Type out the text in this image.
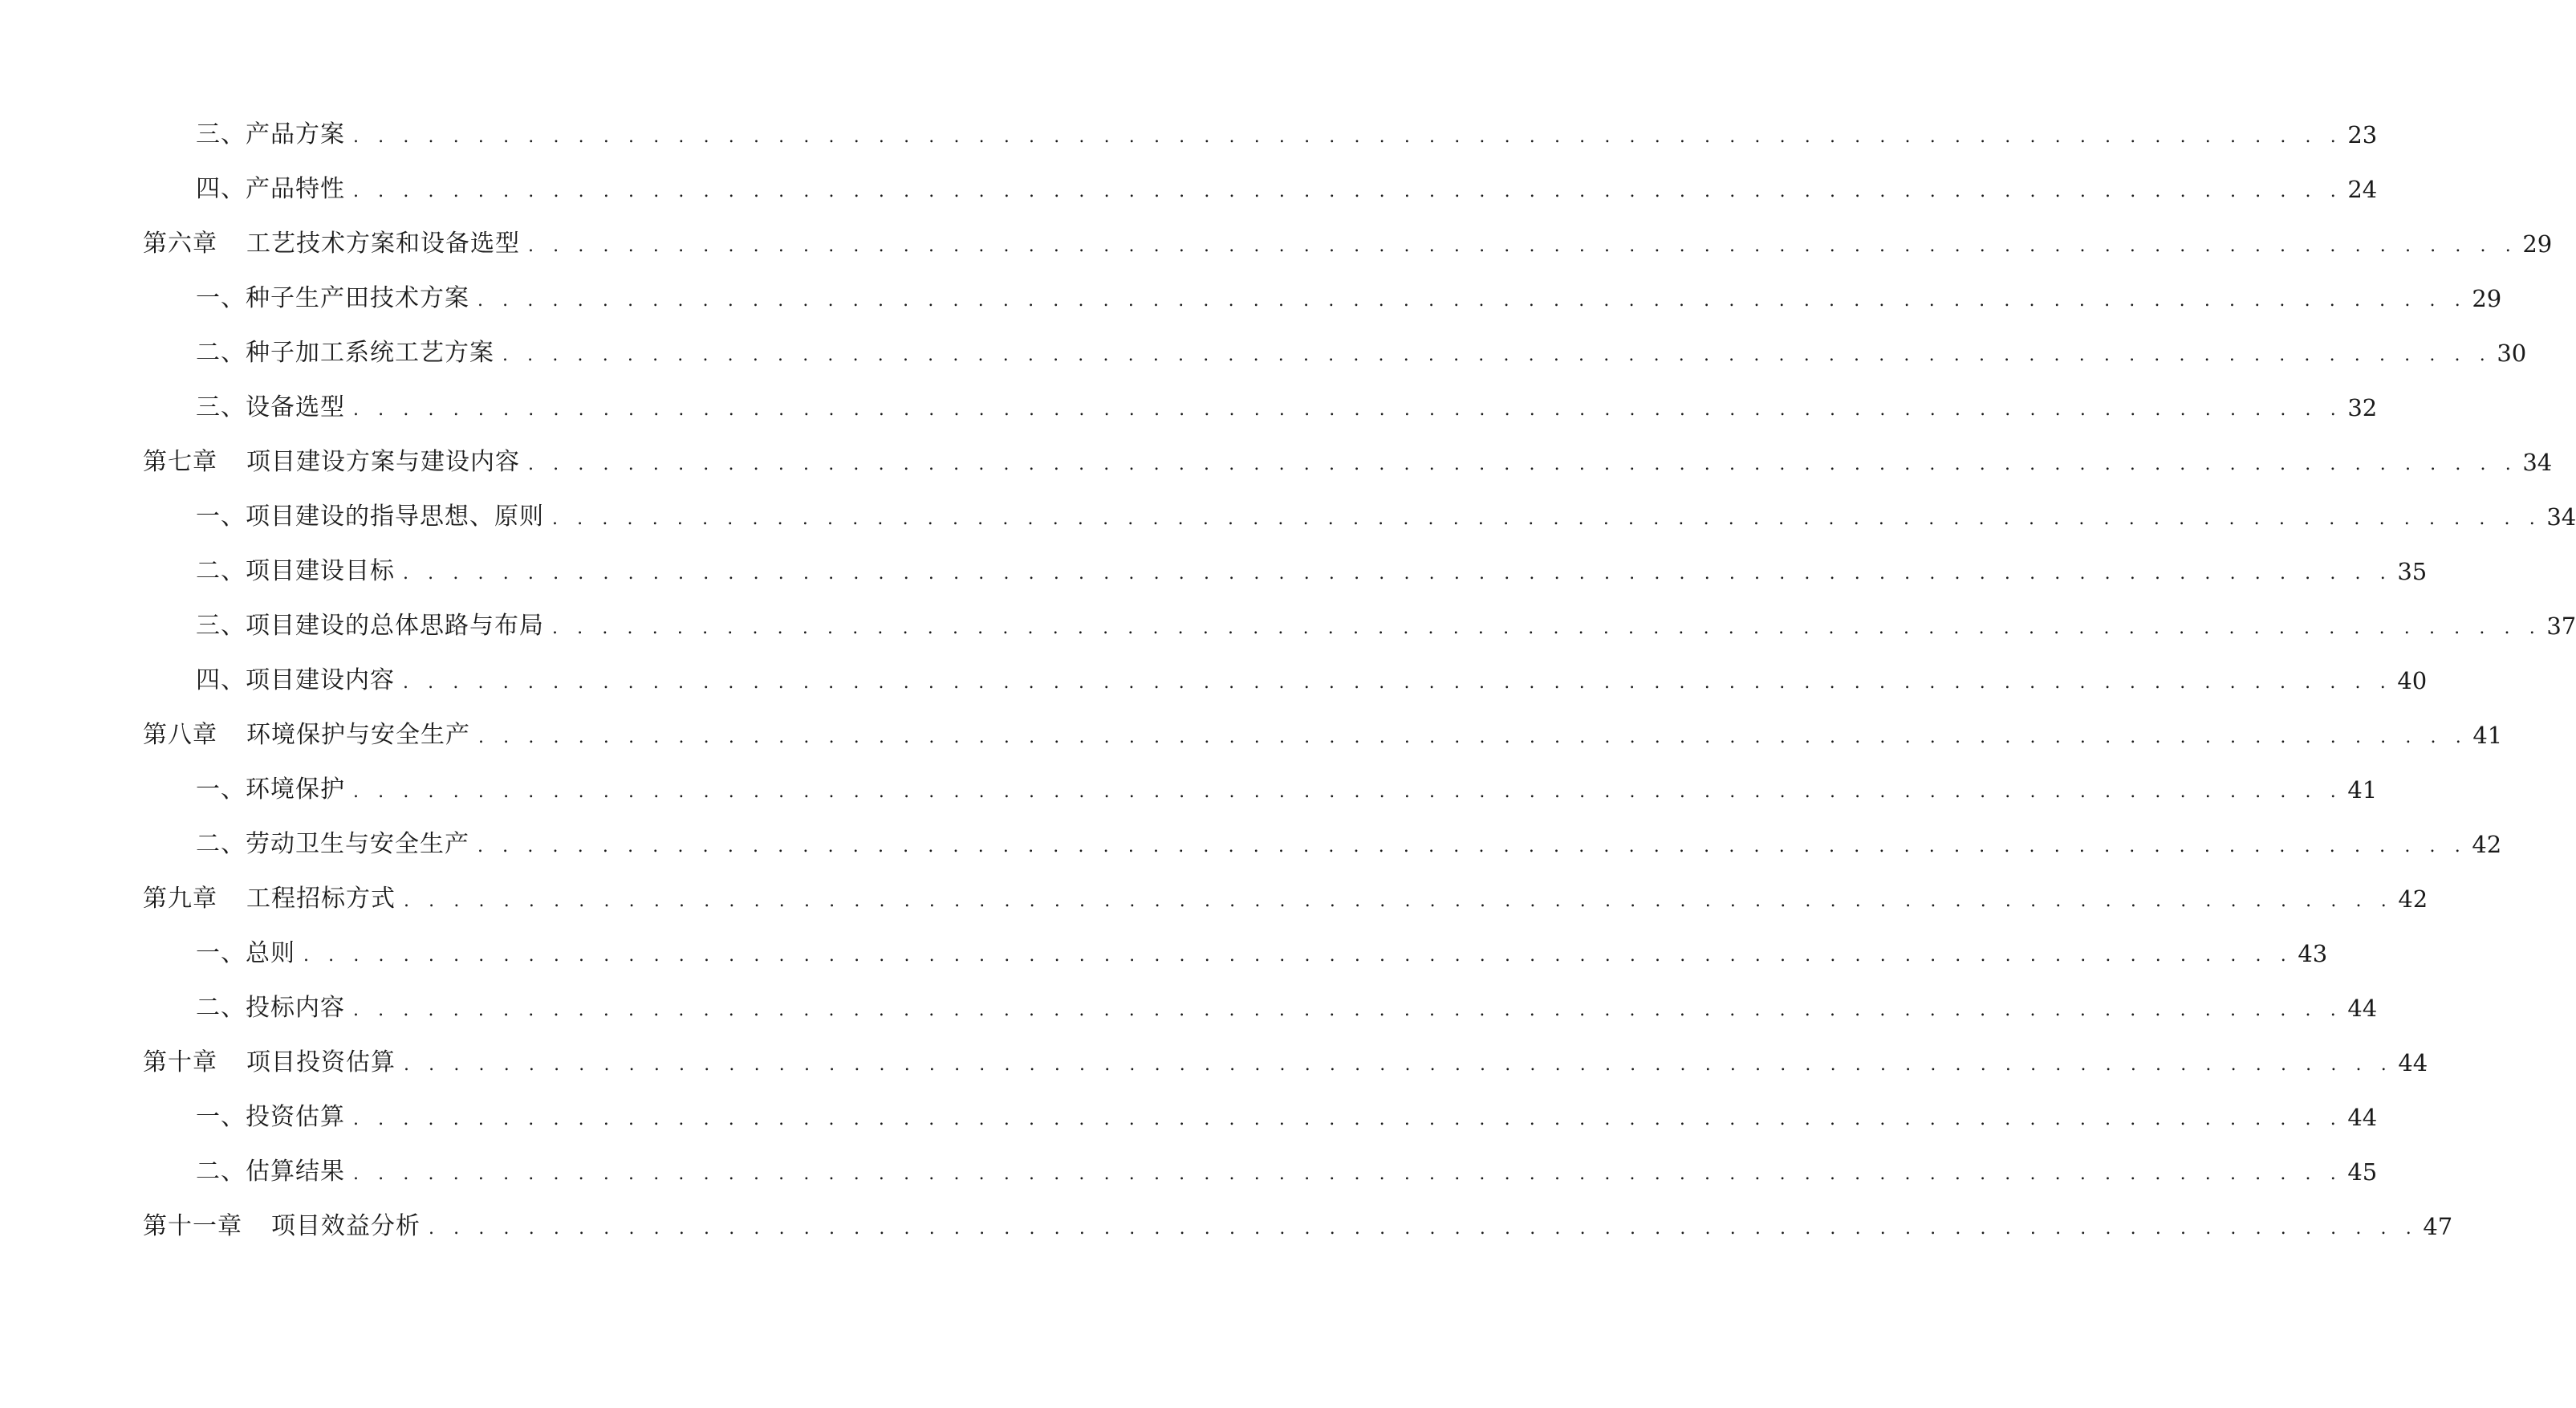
三、产品方案 . . . . . . . . . . . . . . . . . . . . . . . . . . . . . . . . . . . . . . . . . . . . . . . . . . . . . . . . . . . . . . . . . . . . . . . . . . . . . . . . 23
四、产品特性 . . . . . . . . . . . . . . . . . . . . . . . . . . . . . . . . . . . . . . . . . . . . . . . . . . . . . . . . . . . . . . . . . . . . . . . . . . . . . . . . 24
第六章 工艺技术方案和设备选型 . . . . . . . . . . . . . . . . . . . . . . . . . . . . . . . . . . . . . . . . . . . . . . . . . . . . . . . . . . . . . . . . . . . . . . . . . . . . . . . . 29
一、种子生产田技术方案 . . . . . . . . . . . . . . . . . . . . . . . . . . . . . . . . . . . . . . . . . . . . . . . . . . . . . . . . . . . . . . . . . . . . . . . . . . . . . . . . 29
二、种子加工系统工艺方案 . . . . . . . . . . . . . . . . . . . . . . . . . . . . . . . . . . . . . . . . . . . . . . . . . . . . . . . . . . . . . . . . . . . . . . . . . . . . . . . . 30
三、设备选型 . . . . . . . . . . . . . . . . . . . . . . . . . . . . . . . . . . . . . . . . . . . . . . . . . . . . . . . . . . . . . . . . . . . . . . . . . . . . . . . . 32
第七章 项目建设方案与建设内容 . . . . . . . . . . . . . . . . . . . . . . . . . . . . . . . . . . . . . . . . . . . . . . . . . . . . . . . . . . . . . . . . . . . . . . . . . . . . . . . . 34
一、项目建设的指导思想、原则 . . . . . . . . . . . . . . . . . . . . . . . . . . . . . . . . . . . . . . . . . . . . . . . . . . . . . . . . . . . . . . . . . . . . . . . . . . . . . . . . 34
二、项目建设目标 . . . . . . . . . . . . . . . . . . . . . . . . . . . . . . . . . . . . . . . . . . . . . . . . . . . . . . . . . . . . . . . . . . . . . . . . . . . . . . . . 35
三、项目建设的总体思路与布局 . . . . . . . . . . . . . . . . . . . . . . . . . . . . . . . . . . . . . . . . . . . . . . . . . . . . . . . . . . . . . . . . . . . . . . . . . . . . . . . . 37
四、项目建设内容 . . . . . . . . . . . . . . . . . . . . . . . . . . . . . . . . . . . . . . . . . . . . . . . . . . . . . . . . . . . . . . . . . . . . . . . . . . . . . . . . 40
第八章 环境保护与安全生产 . . . . . . . . . . . . . . . . . . . . . . . . . . . . . . . . . . . . . . . . . . . . . . . . . . . . . . . . . . . . . . . . . . . . . . . . . . . . . . . . 41
一、环境保护 . . . . . . . . . . . . . . . . . . . . . . . . . . . . . . . . . . . . . . . . . . . . . . . . . . . . . . . . . . . . . . . . . . . . . . . . . . . . . . . . 41
二、劳动卫生与安全生产 . . . . . . . . . . . . . . . . . . . . . . . . . . . . . . . . . . . . . . . . . . . . . . . . . . . . . . . . . . . . . . . . . . . . . . . . . . . . . . . . 42
第九章 工程招标方式 . . . . . . . . . . . . . . . . . . . . . . . . . . . . . . . . . . . . . . . . . . . . . . . . . . . . . . . . . . . . . . . . . . . . . . . . . . . . . . . . 42
一、总则 . . . . . . . . . . . . . . . . . . . . . . . . . . . . . . . . . . . . . . . . . . . . . . . . . . . . . . . . . . . . . . . . . . . . . . . . . . . . . . . . 43
二、投标内容 . . . . . . . . . . . . . . . . . . . . . . . . . . . . . . . . . . . . . . . . . . . . . . . . . . . . . . . . . . . . . . . . . . . . . . . . . . . . . . . . 44
第十章 项目投资估算 . . . . . . . . . . . . . . . . . . . . . . . . . . . . . . . . . . . . . . . . . . . . . . . . . . . . . . . . . . . . . . . . . . . . . . . . . . . . . . . . 44
一、投资估算 . . . . . . . . . . . . . . . . . . . . . . . . . . . . . . . . . . . . . . . . . . . . . . . . . . . . . . . . . . . . . . . . . . . . . . . . . . . . . . . . 44
二、估算结果 . . . . . . . . . . . . . . . . . . . . . . . . . . . . . . . . . . . . . . . . . . . . . . . . . . . . . . . . . . . . . . . . . . . . . . . . . . . . . . . . 45
第十一章 项目效益分析 . . . . . . . . . . . . . . . . . . . . . . . . . . . . . . . . . . . . . . . . . . . . . . . . . . . . . . . . . . . . . . . . . . . . . . . . . . . . . . . . 47
